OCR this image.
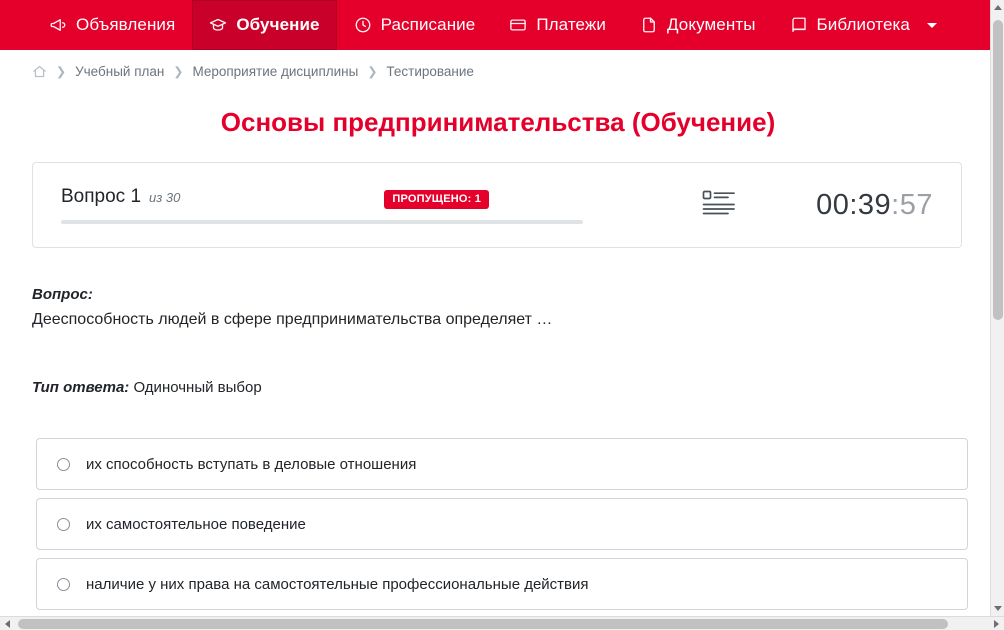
Объявления	Обучение	Расписание	Платежи	Документы	Библиотека
❯ Учебный план ❯ Мероприятие дисциплины ❯ Тестирование
Основы предпринимательства (Обучение)
Вопрос 1 из 30	ПРОПУЩЕНО: 1	00:39:57
Вопрос:
Дееспособность людей в сфере предпринимательства определяет …
Тип ответа: Одиночный выбор
их способность вступать в деловые отношения
их самостоятельное поведение
наличие у них права на самостоятельные профессиональные действия
